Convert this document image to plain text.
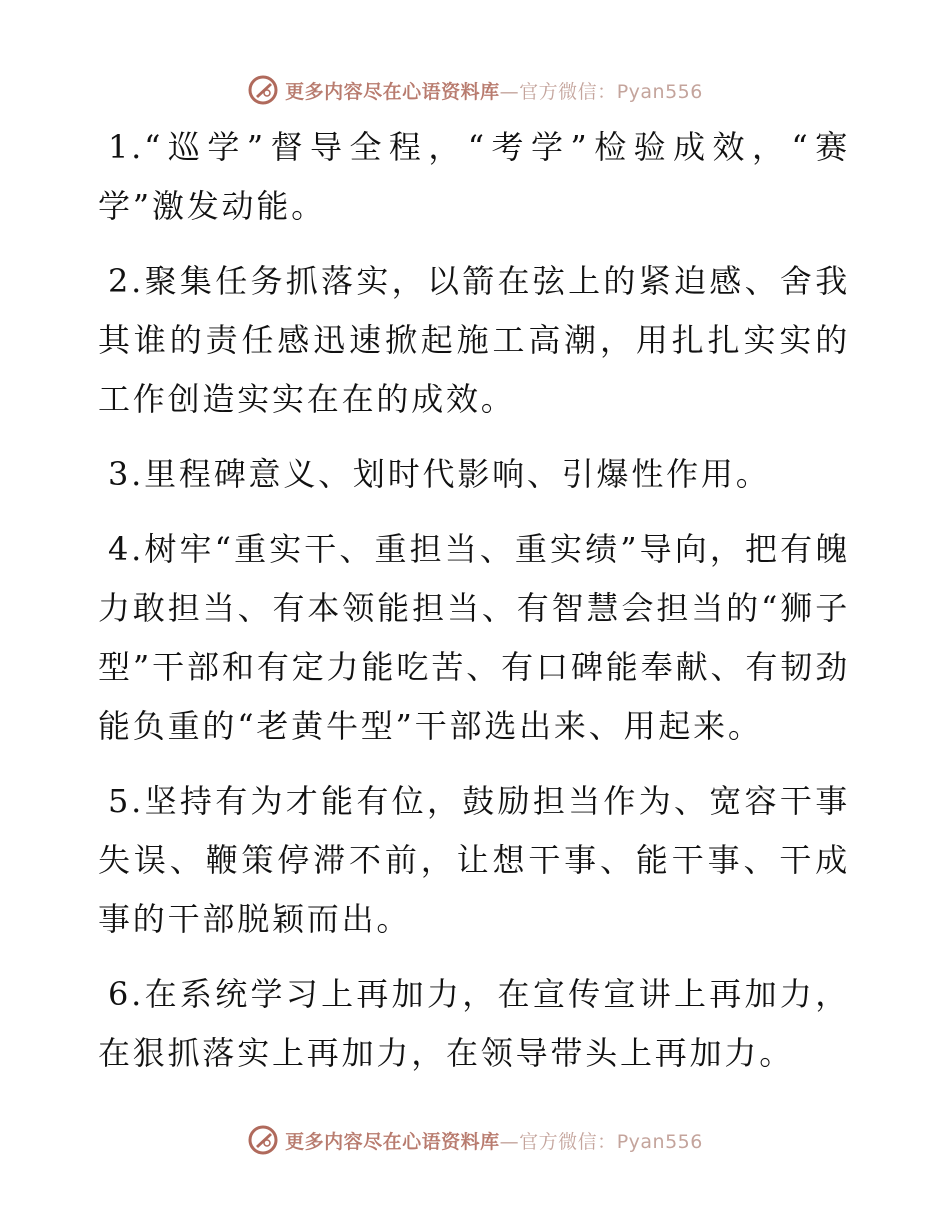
更多内容尽在心语资料库—官方微信：Pyan556

1.“巡学”督导全程，“考学”检验成效，“赛学”激发动能。

2.聚集任务抓落实，以箭在弦上的紧迫感、舍我其谁的责任感迅速掀起施工高潮，用扎扎实实的工作创造实实在在的成效。

3.里程碑意义、划时代影响、引爆性作用。

4.树牢“重实干、重担当、重实绩”导向，把有魄力敢担当、有本领能担当、有智慧会担当的“狮子型”干部和有定力能吃苦、有口碑能奉献、有韧劲能负重的“老黄牛型”干部选出来、用起来。

5.坚持有为才能有位，鼓励担当作为、宽容干事失误、鞭策停滞不前，让想干事、能干事、干成事的干部脱颖而出。

6.在系统学习上再加力，在宣传宣讲上再加力，在狠抓落实上再加力，在领导带头上再加力。

更多内容尽在心语资料库—官方微信：Pyan556
